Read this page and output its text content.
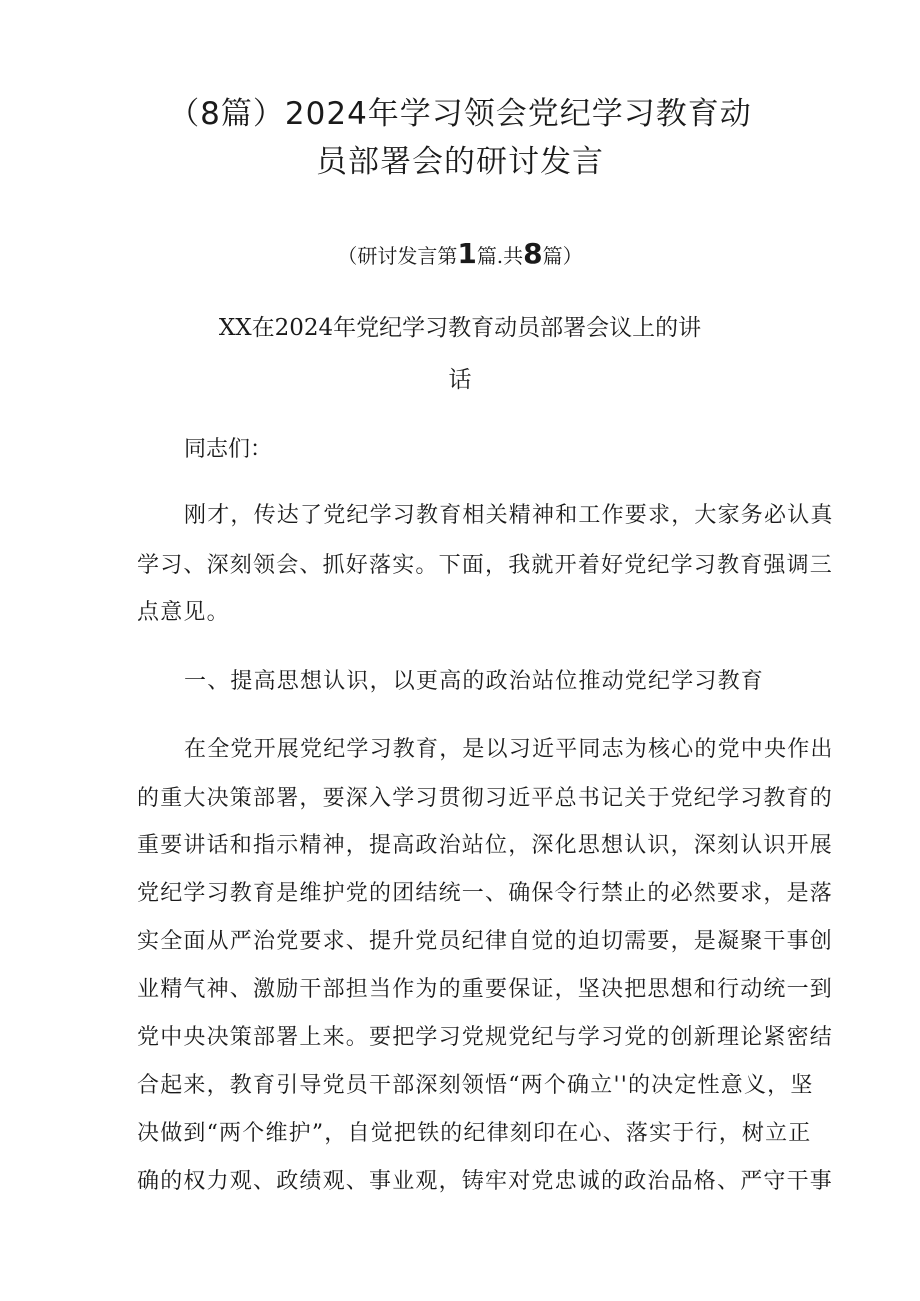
（8篇）2024年学习领会党纪学习教育动
员部署会的研讨发言
（研讨发言第1篇.共8篇）
XX在2024年党纪学习教育动员部署会议上的讲
话
同志们：
刚才，传达了党纪学习教育相关精神和工作要求，大家务必认真
学习、深刻领会、抓好落实。下面，我就开着好党纪学习教育强调三
点意见。
一、提高思想认识，以更高的政治站位推动党纪学习教育
在全党开展党纪学习教育，是以习近平同志为核心的党中央作出
的重大决策部署，要深入学习贯彻习近平总书记关于党纪学习教育的
重要讲话和指示精神，提高政治站位，深化思想认识，深刻认识开展
党纪学习教育是维护党的团结统一、确保令行禁止的必然要求，是落
实全面从严治党要求、提升党员纪律自觉的迫切需要，是凝聚干事创
业精气神、激励干部担当作为的重要保证，坚决把思想和行动统一到
党中央决策部署上来。要把学习党规党纪与学习党的创新理论紧密结
合起来，教育引导党员干部深刻领悟“两个确立''的决定性意义，坚
决做到“两个维护”，自觉把铁的纪律刻印在心、落实于行，树立正
确的权力观、政绩观、事业观，铸牢对党忠诚的政治品格、严守干事
